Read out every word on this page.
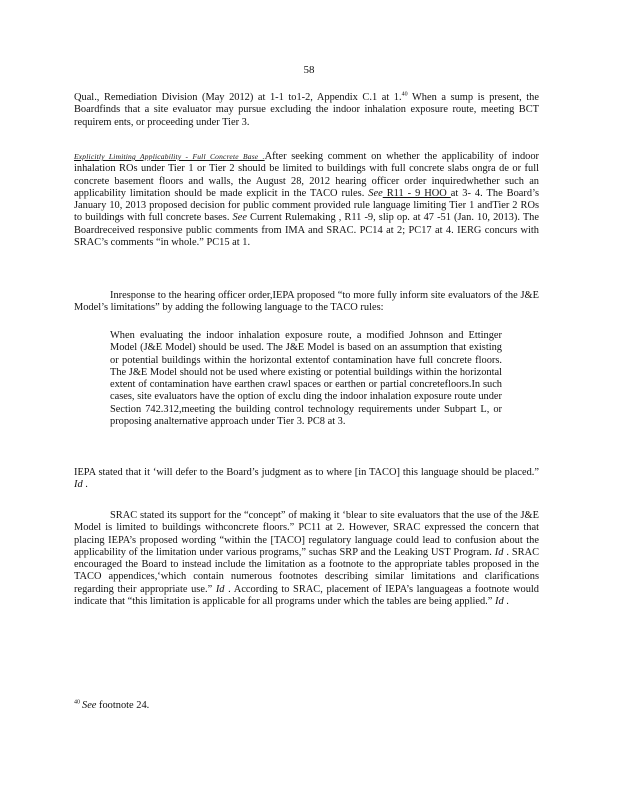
58

Qual., Remediation Division (May 2012) at 1-1 to1-2, Appendix C.1 at 1.40 When a sump is present, the Boardfinds that a site evaluator may pursue excluding the indoor inhalation exposure route, meeting BCT requirem ents, or proceeding under Tier 3.

Explicitly Limiting Applicability - Full Concrete Base .After seeking comment on whether the applicability of indoor inhalation ROs under Tier 1 or Tier 2 should be limited to buildings with full concrete slabs ongra de or full concrete basement floors and walls, the August 28, 2012 hearing officer order inquiredwhether such an applicability limitation should be made explicit in the TACO rules. See R11 - 9 HOO at 3- 4. The Board’s January 10, 2013 proposed decision for public comment provided rule language limiting Tier 1 andTier 2 ROs to buildings with full concrete bases. See Current Rulemaking , R11 -9, slip op. at 47 -51 (Jan. 10, 2013). The Boardreceived responsive public comments from IMA and SRAC. PC14 at 2; PC17 at 4. IERG concurs with SRAC’s comments “in whole.” PC15 at 1.

Inresponse to the hearing officer order,IEPA proposed “to more fully inform site evaluators of the J&E Model’s limitations” by adding the following language to the TACO rules:

When evaluating the indoor inhalation exposure route, a modified Johnson and Ettinger Model (J&E Model) should be used. The J&E Model is based on an assumption that existing or potential buildings within the horizontal extentof contamination have full concrete floors. The J&E Model should not be used where existing or potential buildings within the horizontal extent of contamination have earthen crawl spaces or earthen or partial concretefloors.In such cases, site evaluators have the option of exclu ding the indoor inhalation exposure route under Section 742.312,meeting the building control technology requirements under Subpart L, or proposing analternative approach under Tier 3. PC8 at 3.

IEPA stated that it ‘will defer to the Board’s judgment as to where [in TACO] this language should be placed.” Id .

SRAC stated its support for the “concept” of making it ‘blear to site evaluators that the use of the J&E Model is limited to buildings withconcrete floors.” PC11 at 2. However, SRAC expressed the concern that placing IEPA’s proposed wording “within the [TACO] regulatory language could lead to confusion about the applicability of the limitation under various programs,” suchas SRP and the Leaking UST Program. Id . SRAC encouraged the Board to instead include the limitation as a footnote to the appropriate tables proposed in the TACO appendices,‘which contain numerous footnotes describing similar limitations and clarifications regarding their appropriate use.” Id . According to SRAC, placement of IEPA’s languageas a footnote would indicate that “this limitation is applicable for all programs under which the tables are being applied.” Id .

$^{40}$ See footnote 24.
